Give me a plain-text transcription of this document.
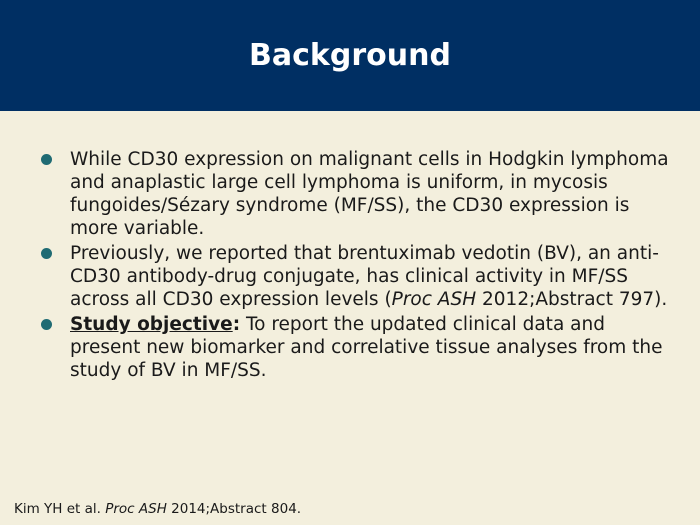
Background
While CD30 expression on malignant cells in Hodgkin lymphoma and anaplastic large cell lymphoma is uniform, in mycosis fungoides/Sézary syndrome (MF/SS), the CD30 expression is more variable.
Previously, we reported that brentuximab vedotin (BV), an anti-CD30 antibody-drug conjugate, has clinical activity in MF/SS across all CD30 expression levels (Proc ASH 2012;Abstract 797).
Study objective: To report the updated clinical data and present new biomarker and correlative tissue analyses from the study of BV in MF/SS.
Kim YH et al. Proc ASH 2014;Abstract 804.
